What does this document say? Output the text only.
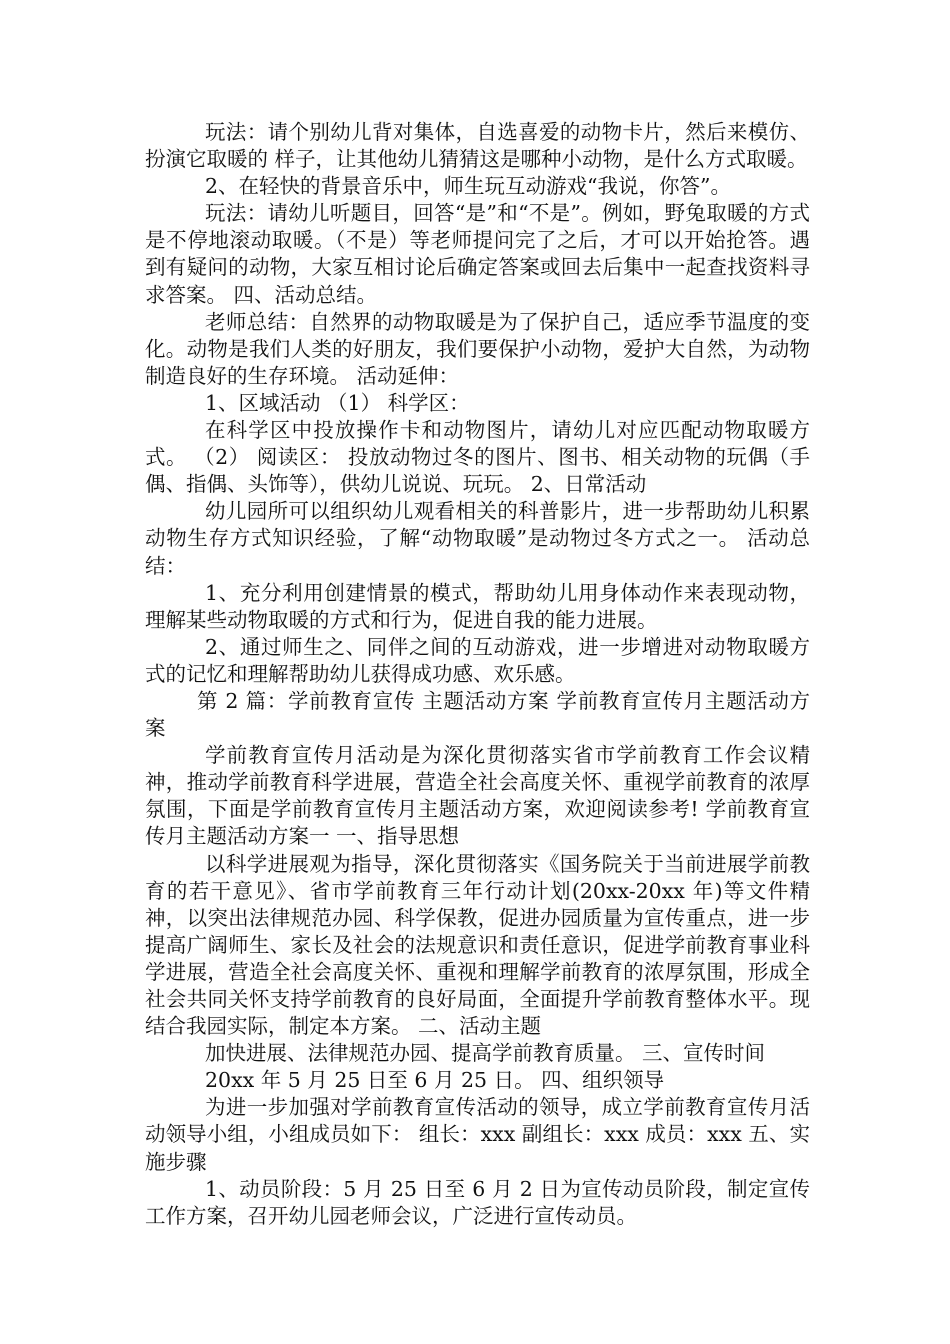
玩法：请个别幼儿背对集体，自选喜爱的动物卡片，然后来模仿、扮演它取暖的 样子，让其他幼儿猜猜这是哪种小动物，是什么方式取暖。

2、在轻快的背景音乐中，师生玩互动游戏“我说，你答”。

玩法：请幼儿听题目，回答“是”和“不是”。例如，野兔取暖的方式是不停地滚动取暖。（不是）等老师提问完了之后，才可以开始抢答。遇到有疑问的动物，大家互相讨论后确定答案或回去后集中一起查找资料寻求答案。 四、活动总结。

老师总结：自然界的动物取暖是为了保护自己，适应季节温度的变化。动物是我们人类的好朋友，我们要保护小动物，爱护大自然，为动物制造良好的生存环境。 活动延伸：

1、区域活动 （1） 科学区：

在科学区中投放操作卡和动物图片，请幼儿对应匹配动物取暖方式。 （2） 阅读区： 投放动物过冬的图片、图书、相关动物的玩偶（手偶、指偶、头饰等），供幼儿说说、玩玩。 2、日常活动

幼儿园所可以组织幼儿观看相关的科普影片，进一步帮助幼儿积累动物生存方式知识经验，了解“动物取暖”是动物过冬方式之一。 活动总结：

1、充分利用创建情景的模式，帮助幼儿用身体动作来表现动物，理解某些动物取暖的方式和行为，促进自我的能力进展。

2、通过师生之、同伴之间的互动游戏，进一步增进对动物取暖方式的记忆和理解帮助幼儿获得成功感、欢乐感。

第 2 篇：学前教育宣传 主题活动方案 学前教育宣传月主题活动方案

学前教育宣传月活动是为深化贯彻落实省市学前教育工作会议精神，推动学前教育科学进展，营造全社会高度关怀、重视学前教育的浓厚氛围，下面是学前教育宣传月主题活动方案，欢迎阅读参考! 学前教育宣传月主题活动方案一 一、指导思想

以科学进展观为指导，深化贯彻落实《国务院关于当前进展学前教育的若干意见》、省市学前教育三年行动计划(20xx-20xx 年)等文件精神，以突出法律规范办园、科学保教，促进办园质量为宣传重点，进一步提高广阔师生、家长及社会的法规意识和责任意识，促进学前教育事业科学进展，营造全社会高度关怀、重视和理解学前教育的浓厚氛围，形成全社会共同关怀支持学前教育的良好局面，全面提升学前教育整体水平。现结合我园实际，制定本方案。 二、活动主题

加快进展、法律规范办园、提高学前教育质量。 三、宣传时间

20xx 年 5 月 25 日至 6 月 25 日。 四、组织领导

为进一步加强对学前教育宣传活动的领导，成立学前教育宣传月活动领导小组，小组成员如下： 组长：xxx 副组长：xxx 成员：xxx 五、实施步骤

1、动员阶段：5 月 25 日至 6 月 2 日为宣传动员阶段，制定宣传工作方案，召开幼儿园老师会议，广泛进行宣传动员。
